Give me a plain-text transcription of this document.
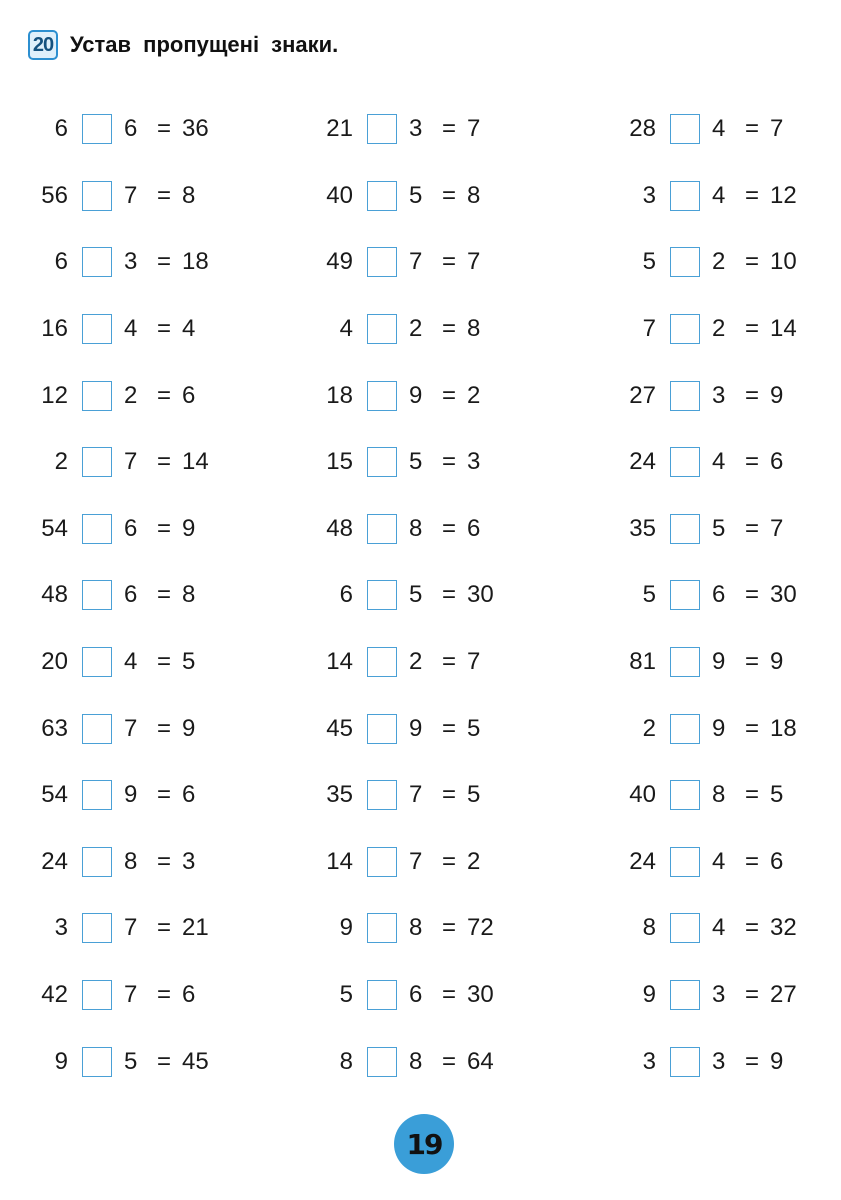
20 Устав пропущені знаки.
6 6 = 36
56 7 = 8
6 3 = 18
16 4 = 4
12 2 = 6
2 7 = 14
54 6 = 9
48 6 = 8
20 4 = 5
63 7 = 9
54 9 = 6
24 8 = 3
3 7 = 21
42 7 = 6
9 5 = 45
21 3 = 7
40 5 = 8
49 7 = 7
4 2 = 8
18 9 = 2
15 5 = 3
48 8 = 6
6 5 = 30
14 2 = 7
45 9 = 5
35 7 = 5
14 7 = 2
9 8 = 72
5 6 = 30
8 8 = 64
28 4 = 7
3 4 = 12
5 2 = 10
7 2 = 14
27 3 = 9
24 4 = 6
35 5 = 7
5 6 = 30
81 9 = 9
2 9 = 18
40 8 = 5
24 4 = 6
8 4 = 32
9 3 = 27
3 3 = 9
19
